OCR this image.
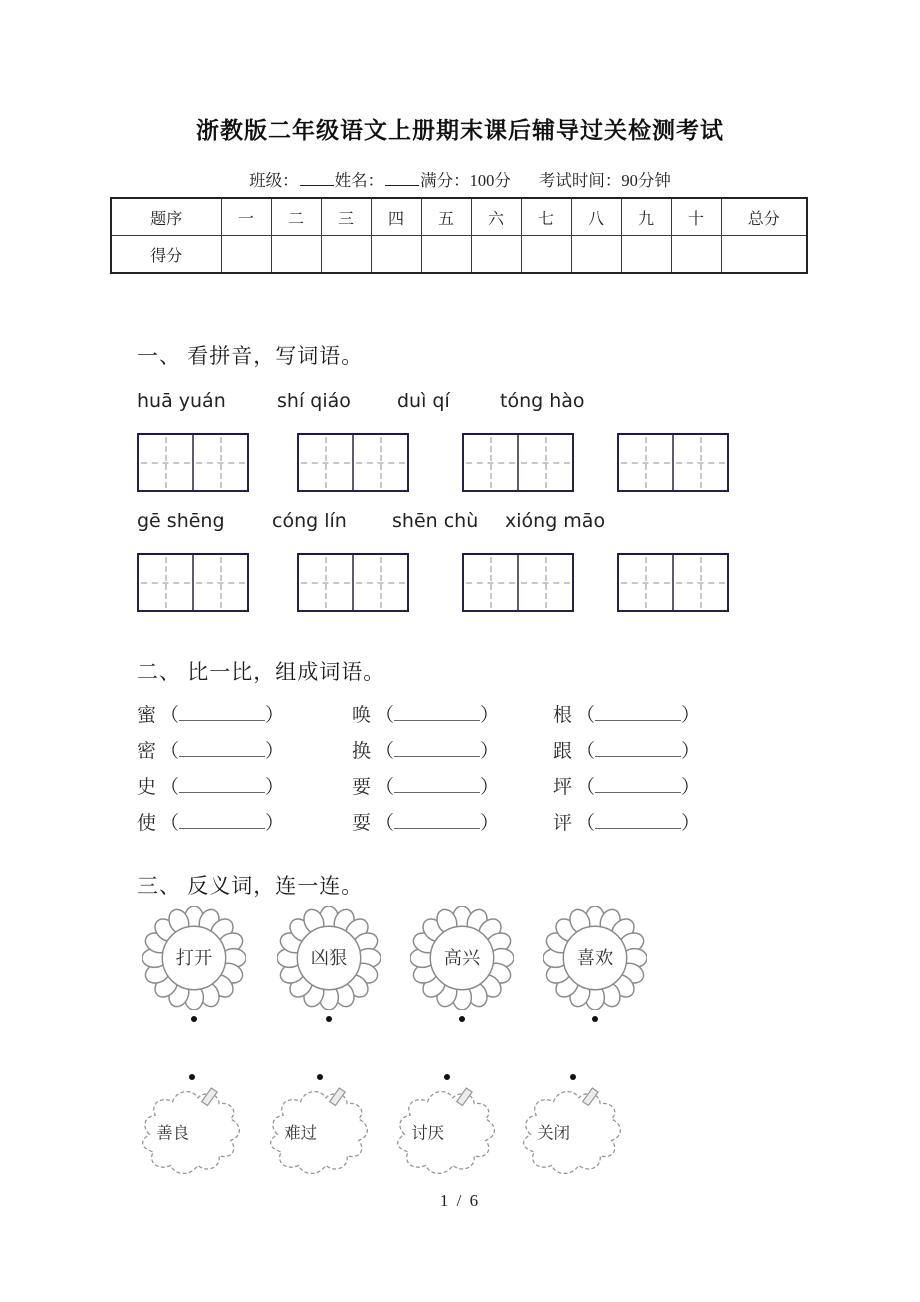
浙教版二年级语文上册期末课后辅导过关检测考试
班级： 姓名： 满分：100分 考试时间：90分钟
题序	一	二	三	四	五	六	七	八	九	十	总分
得分											
一、 看拼音，写词语。
huā yuán	shí qiáo duì qí	tóng hào
gē shēng cóng lín shēn chù xióng māo
二、 比一比，组成词语。
蜜 （	）	唤 （	）	根 （	）
密 （	）	换 （	）	跟 （	）
史 （	）	要 （	）	坪 （	）
使 （	）	耍 （	）	评 （	）
三、 反义词，连一连。
打开	凶狠	高兴	喜欢
善良	难过	讨厌	关闭
1 / 6
